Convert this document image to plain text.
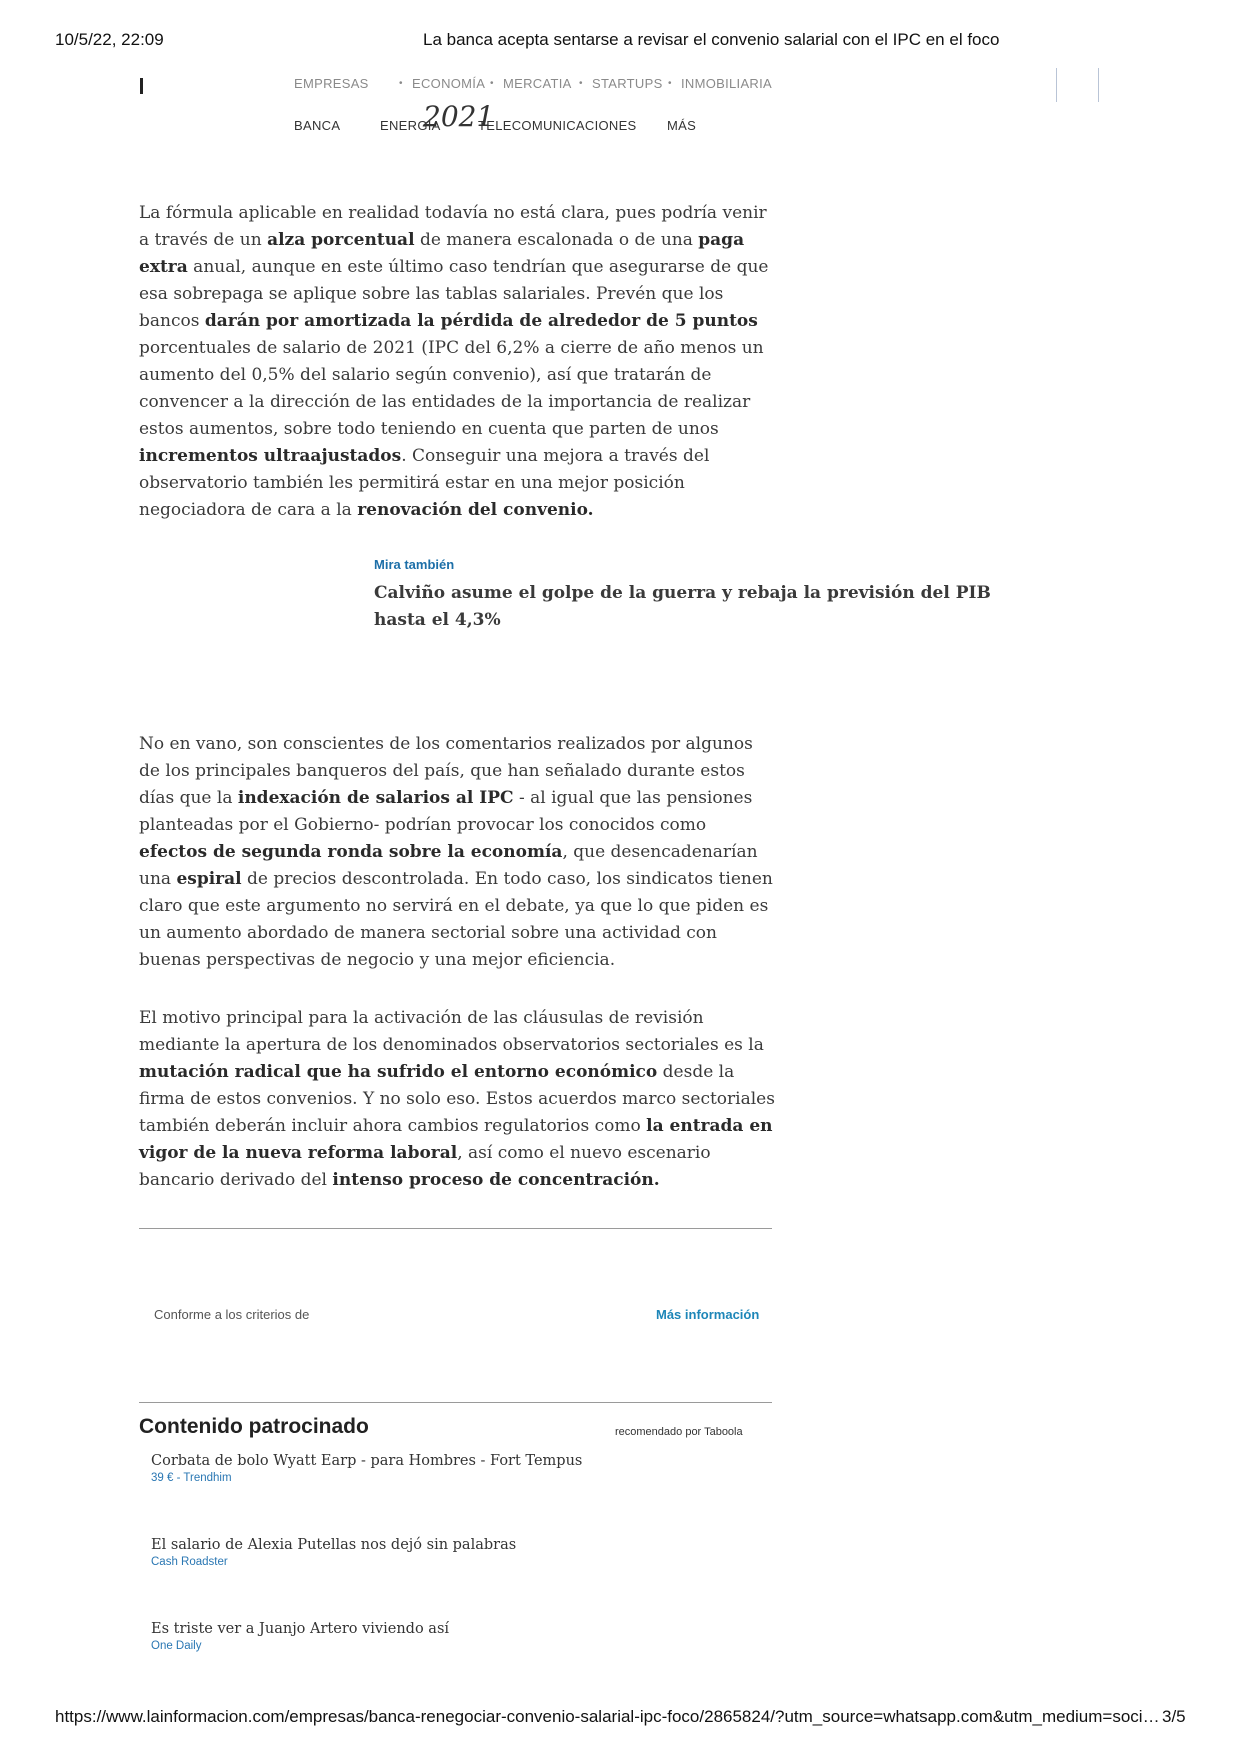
10/5/22, 22:09	La banca acepta sentarse a revisar el convenio salarial con el IPC en el foco
EMPRESAS	• ECONOMÍA • MERCATIA • STARTUPS • INMOBILIARIA
BANCA	ENERGÍA	TELECOMUNICACIONES MÁS
2021

La fórmula aplicable en realidad todavía no está clara, pues podría venir a través de un alza porcentual de manera escalonada o de una paga extra anual, aunque en este último caso tendrían que asegurarse de que esa sobrepaga se aplique sobre las tablas salariales. Prevén que los bancos darán por amortizada la pérdida de alrededor de 5 puntos porcentuales de salario de 2021 (IPC del 6,2% a cierre de año menos un aumento del 0,5% del salario según convenio), así que tratarán de convencer a la dirección de las entidades de la importancia de realizar estos aumentos, sobre todo teniendo en cuenta que parten de unos incrementos ultraajustados. Conseguir una mejora a través del observatorio también les permitirá estar en una mejor posición negociadora de cara a la renovación del convenio.

Mira también

Calviño asume el golpe de la guerra y rebaja la previsión del PIB hasta el 4,3%

No en vano, son conscientes de los comentarios realizados por algunos de los principales banqueros del país, que han señalado durante estos días que la indexación de salarios al IPC - al igual que las pensiones planteadas por el Gobierno- podrían provocar los conocidos como efectos de segunda ronda sobre la economía, que desencadenarían una espiral de precios descontrolada. En todo caso, los sindicatos tienen claro que este argumento no servirá en el debate, ya que lo que piden es un aumento abordado de manera sectorial sobre una actividad con buenas perspectivas de negocio y una mejor eficiencia.

El motivo principal para la activación de las cláusulas de revisión mediante la apertura de los denominados observatorios sectoriales es la mutación radical que ha sufrido el entorno económico desde la firma de estos convenios. Y no solo eso. Estos acuerdos marco sectoriales también deberán incluir ahora cambios regulatorios como la entrada en vigor de la nueva reforma laboral, así como el nuevo escenario bancario derivado del intenso proceso de concentración.

Conforme a los criterios de	Más información
Contenido patrocinado	recomendado por Taboola
Corbata de bolo Wyatt Earp - para Hombres - Fort Tempus
39 € - Trendhim
El salario de Alexia Putellas nos dejó sin palabras
Cash Roadster
Es triste ver a Juanjo Artero viviendo así
One Daily
https://www.lainformacion.com/empresas/banca-renegociar-convenio-salarial-ipc-foco/2865824/?utm_source=whatsapp.com&utm_medium=soci… 3/5
